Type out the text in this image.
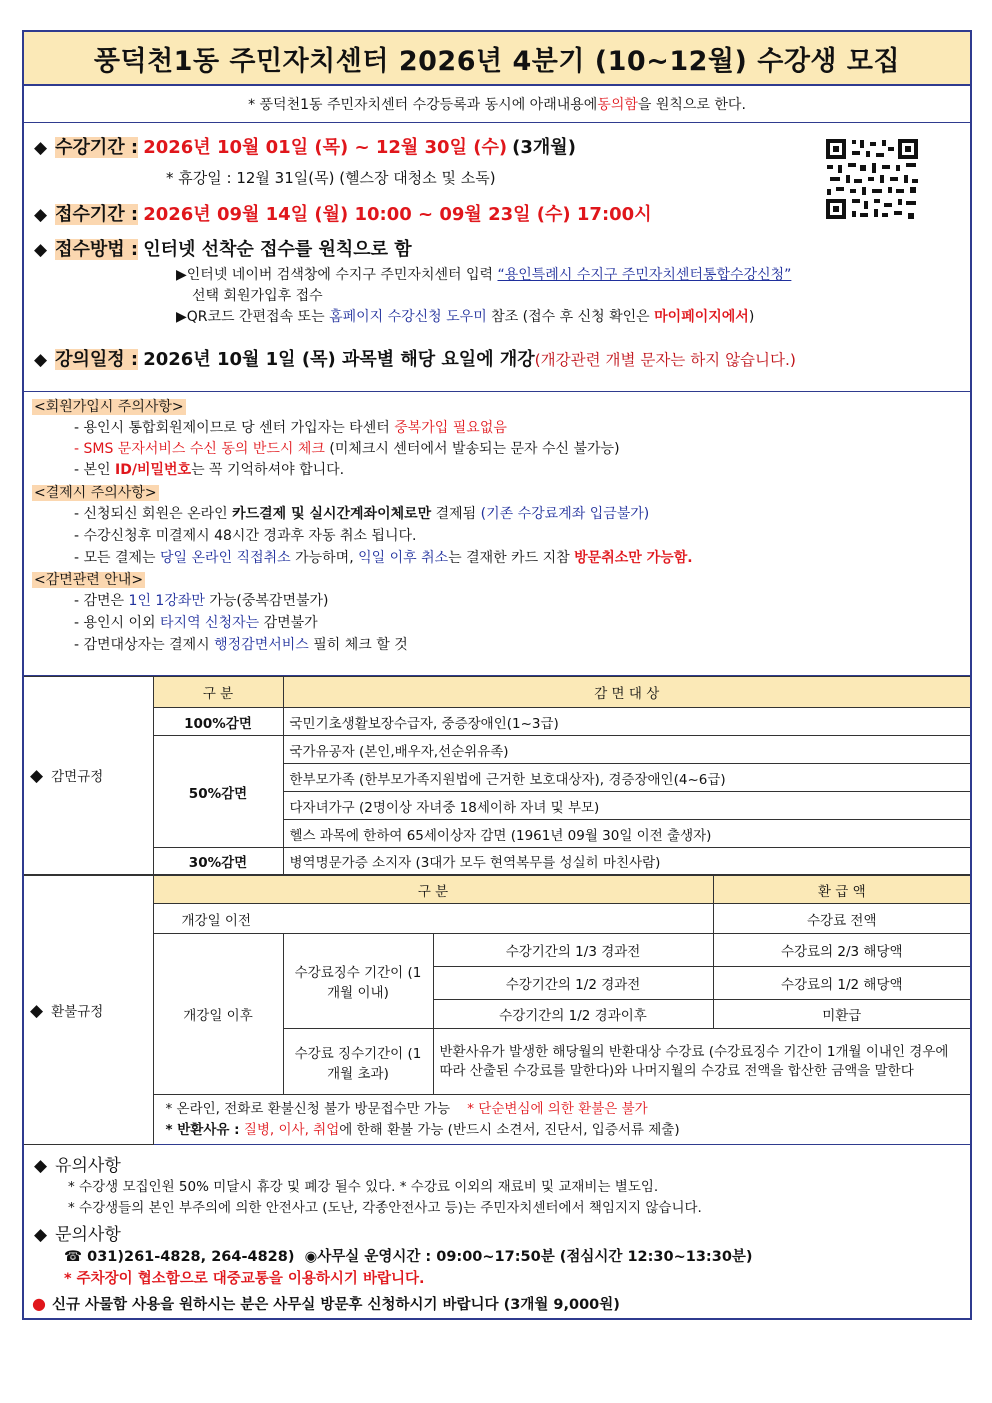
풍덕천1동 주민자치센터 2026년 4분기 (10~12월) 수강생 모집
* 풍덕천1동 주민자치센터 수강등록과 동시에 아래내용에 동의함 을 원칙으로 한다.
◆ 수강기간 : 2026년 10월 01일 (목) ~ 12월 30일 (수) (3개월)
* 휴강일 : 12월 31일(목) (헬스장 대청소 및 소독)
◆ 접수기간 : 2026년 09월 14일 (월) 10:00 ~ 09월 23일 (수) 17:00시
◆ 접수방법 : 인터넷 선착순 접수를 원칙으로 함
▶인터넷 네이버 검색창에 수지구 주민자치센터 입력 “용인특례시 수지구 주민자치센터통합수강신청”
선택 회원가입후 접수
▶QR코드 간편접속 또는 홈페이지 수강신청 도우미 참조 (접수 후 신청 확인은 마이페이지에서)
◆ 강의일정 : 2026년 10월 1일 (목) 과목별 해당 요일에 개강(개강관련 개별 문자는 하지 않습니다.)
<회원가입시 주의사항>
- 용인시 통합회원제이므로 당 센터 가입자는 타센터 중복가입 필요없음
- SMS 문자서비스 수신 동의 반드시 체크 (미체크시 센터에서 발송되는 문자 수신 불가능)
- 본인 ID/비밀번호는 꼭 기억하셔야 합니다.
<결제시 주의사항>
- 신청되신 회원은 온라인 카드결제 및 실시간계좌이체로만 결제됨 (기존 수강료계좌 입금불가)
- 수강신청후 미결제시 48시간 경과후 자동 취소 됩니다.
- 모든 결제는 당일 온라인 직접취소 가능하며, 익일 이후 취소는 결재한 카드 지참 방문취소만 가능함.
<감면관련 안내>
- 감면은 1인 1강좌만 가능(중복감면불가)
- 용인시 이외 타지역 신청자는 감면불가
- 감면대상자는 결제시 행정감면서비스 필히 체크 할 것
◆ 감면규정	구 분	감 면 대 상
	100%감면	국민기초생활보장수급자, 중증장애인(1~3급)
	50%감면	국가유공자 (본인,배우자,선순위유족)
		한부모가족 (한부모가족지원법에 근거한 보호대상자), 경증장애인(4~6급)
		다자녀가구 (2명이상 자녀중 18세이하 자녀 및 부모)
		헬스 과목에 한하여 65세이상자 감면 (1961년 09월 30일 이전 출생자)
	30%감면	병역명문가증 소지자 (3대가 모두 현역복무를 성실히 마친사람)
◆ 환불규정	구 분			환 급 액
	개강일 이전			수강료 전액
	개강일 이후	수강료징수 기간이 (1개월 이내)	수강기간의 1/3 경과전	수강료의 2/3 해당액
			수강기간의 1/2 경과전	수강료의 1/2 해당액
			수강기간의 1/2 경과이후	미환급
		수강료 징수기간이 (1개월 초과)	반환사유가 발생한 해당월의 반환대상 수강료 (수강료징수 기간이 1개월 이내인 경우에 따라 산출된 수강료를 말한다)와 나머지월의 수강료 전액을 합산한 금액을 말한다	

	* 온라인, 전화로 환불신청 불가 방문접수만 가능 * 단순변심에 의한 환불은 불가
* 반환사유 : 질병, 이사, 취업에 한해 환불 가능 (반드시 소견서, 진단서, 입증서류 제출)			
◆ 유의사항
* 수강생 모집인원 50% 미달시 휴강 및 폐강 될수 있다. * 수강료 이외의 재료비 및 교재비는 별도임.
* 수강생들의 본인 부주의에 의한 안전사고 (도난, 각종안전사고 등)는 주민자치센터에서 책임지지 않습니다.
◆ 문의사항
☎ 031)261-4828, 264-4828) ◉사무실 운영시간 : 09:00~17:50분 (점심시간 12:30~13:30분)
* 주차장이 협소함으로 대중교통을 이용하시기 바랍니다.
● 신규 사물함 사용을 원하시는 분은 사무실 방문후 신청하시기 바랍니다 (3개월 9,000원)
